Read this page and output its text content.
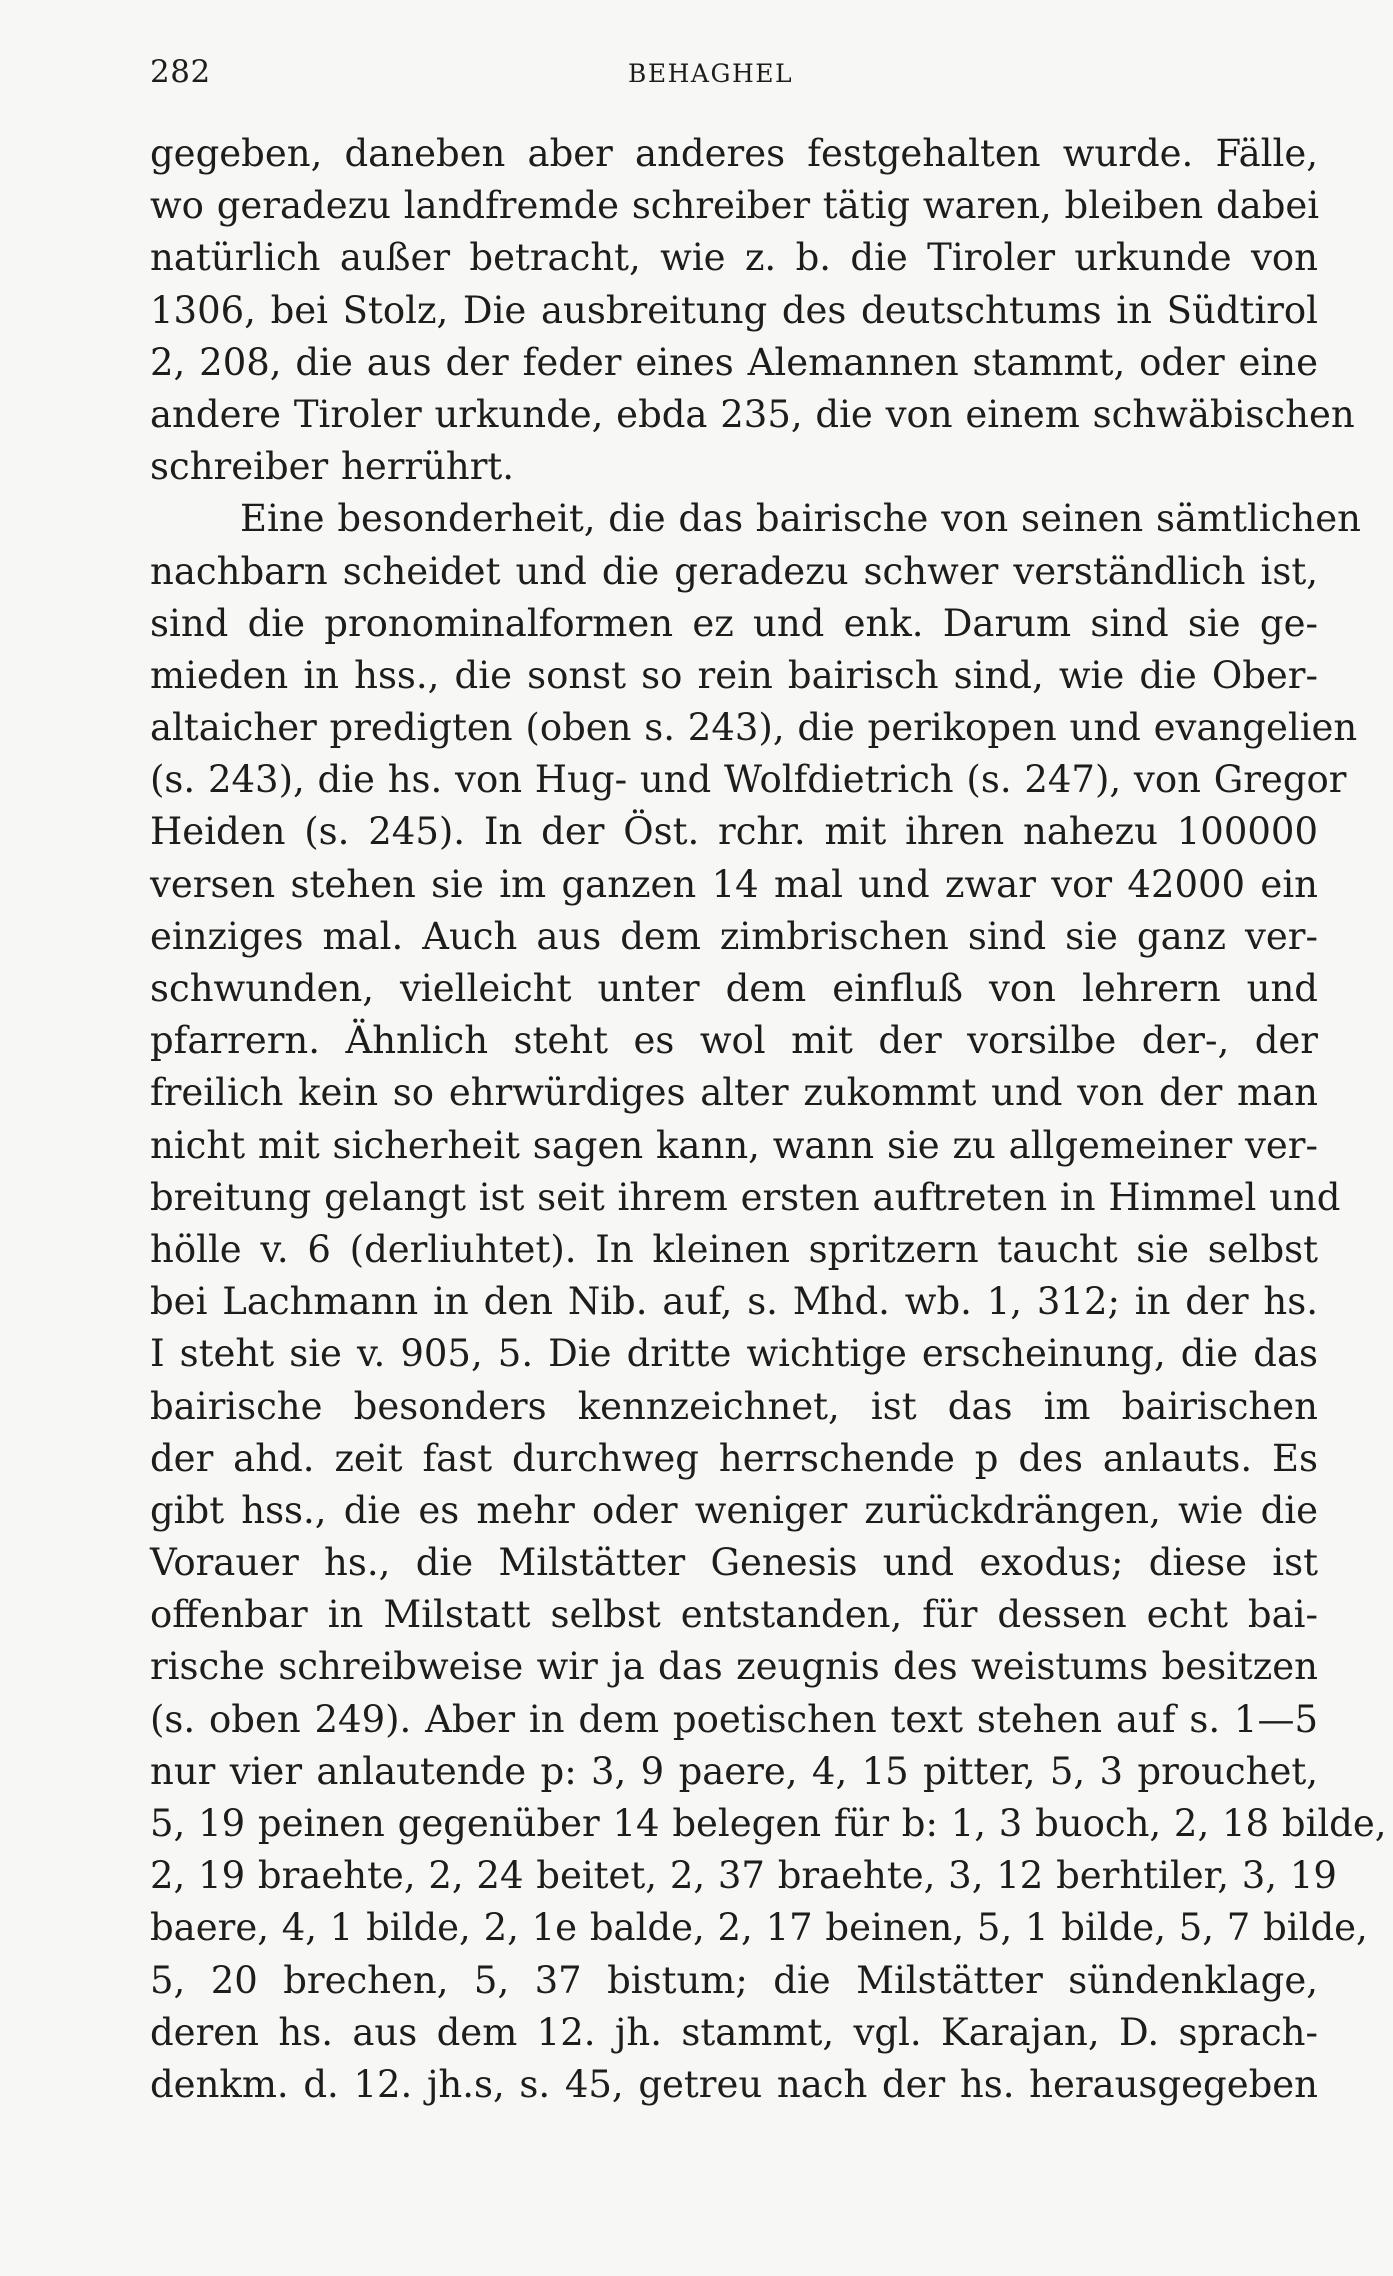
282	BEHAGHEL
gegeben, daneben aber anderes festgehalten wurde. Fälle,
wo geradezu landfremde schreiber tätig waren, bleiben dabei
natürlich außer betracht, wie z. b. die Tiroler urkunde von
1306, bei Stolz, Die ausbreitung des deutschtums in Südtirol
2, 208, die aus der feder eines Alemannen stammt, oder eine
andere Tiroler urkunde, ebda 235, die von einem schwäbischen
schreiber herrührt.
Eine besonderheit, die das bairische von seinen sämtlichen
nachbarn scheidet und die geradezu schwer verständlich ist,
sind die pronominalformen ez und enk. Darum sind sie ge-
mieden in hss., die sonst so rein bairisch sind, wie die Ober-
altaicher predigten (oben s. 243), die perikopen und evangelien
(s. 243), die hs. von Hug- und Wolfdietrich (s. 247), von Gregor
Heiden (s. 245). In der Öst. rchr. mit ihren nahezu 100000
versen stehen sie im ganzen 14 mal und zwar vor 42000 ein
einziges mal. Auch aus dem zimbrischen sind sie ganz ver-
schwunden, vielleicht unter dem einfluß von lehrern und
pfarrern. Ähnlich steht es wol mit der vorsilbe der-, der
freilich kein so ehrwürdiges alter zukommt und von der man
nicht mit sicherheit sagen kann, wann sie zu allgemeiner ver-
breitung gelangt ist seit ihrem ersten auftreten in Himmel und
hölle v. 6 (derliuhtet). In kleinen spritzern taucht sie selbst
bei Lachmann in den Nib. auf, s. Mhd. wb. 1, 312; in der hs.
I steht sie v. 905, 5. Die dritte wichtige erscheinung, die das
bairische besonders kennzeichnet, ist das im bairischen
der ahd. zeit fast durchweg herrschende p des anlauts. Es
gibt hss., die es mehr oder weniger zurückdrängen, wie die
Vorauer hs., die Milstätter Genesis und exodus; diese ist
offenbar in Milstatt selbst entstanden, für dessen echt bai-
rische schreibweise wir ja das zeugnis des weistums besitzen
(s. oben 249). Aber in dem poetischen text stehen auf s. 1—5
nur vier anlautende p: 3, 9 paere, 4, 15 pitter, 5, 3 prouchet,
5, 19 peinen gegenüber 14 belegen für b: 1, 3 buoch, 2, 18 bilde,
2, 19 braehte, 2, 24 beitet, 2, 37 braehte, 3, 12 berhtiler, 3, 19
baere, 4, 1 bilde, 2, 1e balde, 2, 17 beinen, 5, 1 bilde, 5, 7 bilde,
5, 20 brechen, 5, 37 bistum; die Milstätter sündenklage,
deren hs. aus dem 12. jh. stammt, vgl. Karajan, D. sprach-
denkm. d. 12. jh.s, s. 45, getreu nach der hs. herausgegeben
